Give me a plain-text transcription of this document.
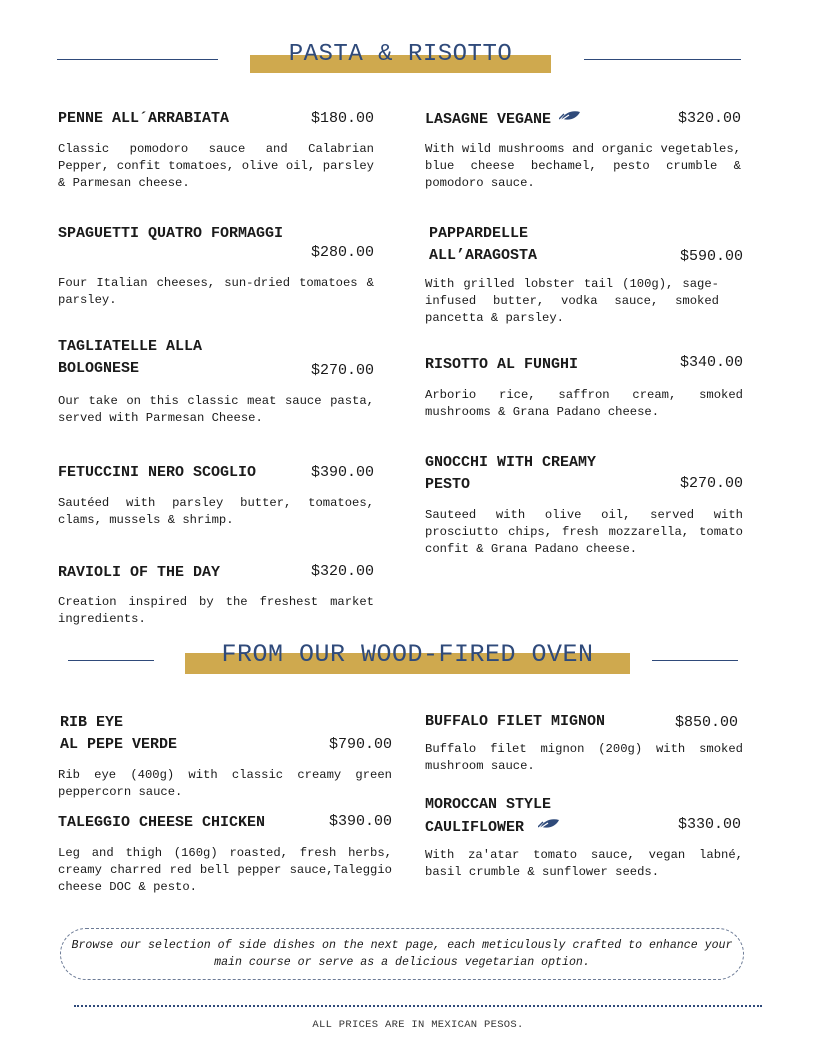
PASTA & RISOTTO
PENNE ALL´ARRABIATA	$180.00
Classic pomodoro sauce and Calabrian Pepper, confit tomatoes, olive oil, parsley & Parmesan cheese.
SPAGUETTI QUATRO FORMAGGI
$280.00
Four Italian cheeses, sun-dried tomatoes & parsley.
TAGLIATELLE ALLA
BOLOGNESE	$270.00
Our take on this classic meat sauce pasta, served with Parmesan Cheese.
FETUCCINI NERO SCOGLIO	$390.00
Sautéed with parsley butter, tomatoes, clams, mussels & shrimp.
RAVIOLI OF THE DAY	$320.00
Creation inspired by the freshest market ingredients.
LASAGNE VEGANE	$320.00
With wild mushrooms and organic vegetables, blue cheese bechamel, pesto crumble & pomodoro sauce.
PAPPARDELLE
ALL’ARAGOSTA	$590.00
With grilled lobster tail (100g), sage-infused butter, vodka sauce, smoked pancetta & parsley.
RISOTTO AL FUNGHI	$340.00
Arborio rice, saffron cream, smoked mushrooms & Grana Padano cheese.
GNOCCHI WITH CREAMY
PESTO	$270.00
Sauteed with olive oil, served with prosciutto chips, fresh mozzarella, tomato confit & Grana Padano cheese.
FROM OUR WOOD-FIRED OVEN
RIB EYE
AL PEPE VERDE	$790.00
Rib eye (400g) with classic creamy green peppercorn sauce.
TALEGGIO CHEESE CHICKEN	$390.00
Leg and thigh (160g) roasted, fresh herbs, creamy charred red bell pepper sauce,Taleggio cheese DOC & pesto.
BUFFALO FILET MIGNON	$850.00
Buffalo filet mignon (200g) with smoked mushroom sauce.
MOROCCAN STYLE
CAULIFLOWER	$330.00
With za'atar tomato sauce, vegan labné, basil crumble & sunflower seeds.
Browse our selection of side dishes on the next page, each meticulously crafted to enhance your main course or serve as a delicious vegetarian option.
ALL PRICES ARE IN MEXICAN PESOS.
